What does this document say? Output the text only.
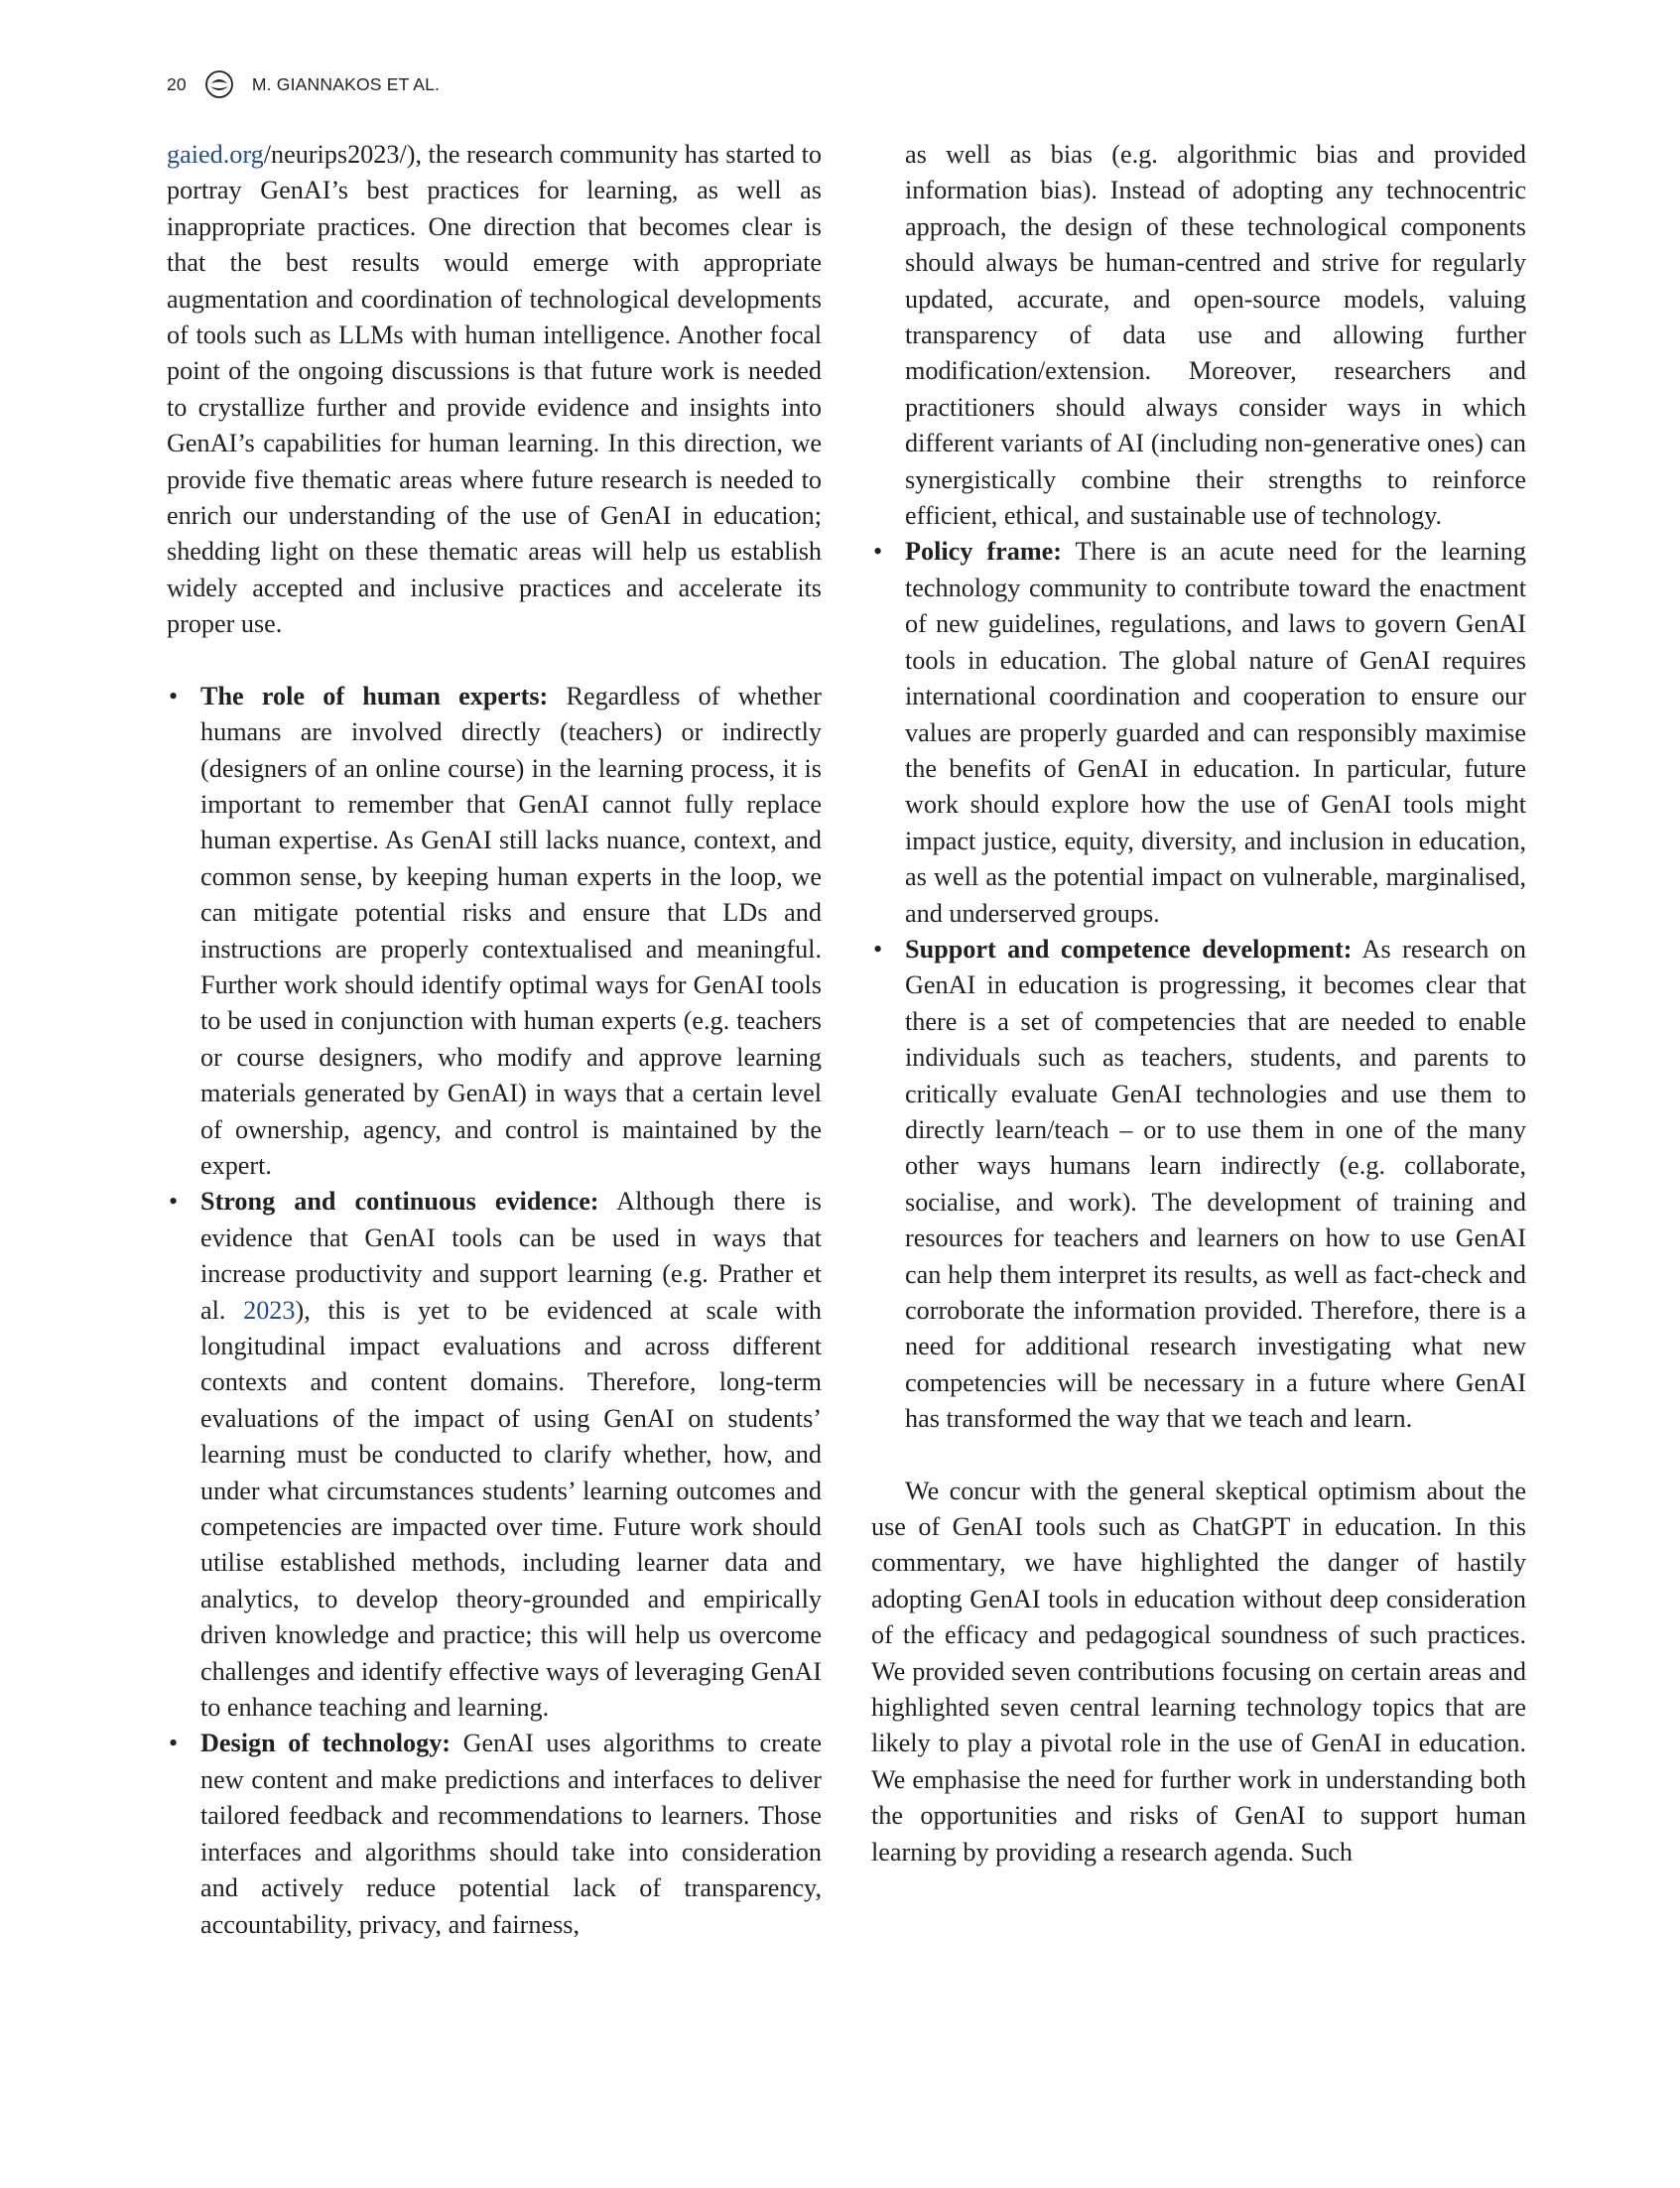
20	M. GIANNAKOS ET AL.

gaied.org/neurips2023/), the research community has started to portray GenAI’s best practices for learning, as well as inappropriate practices. One direction that becomes clear is that the best results would emerge with appropriate augmentation and coordination of technological developments of tools such as LLMs with human intelligence. Another focal point of the ongoing discussions is that future work is needed to crystallize further and provide evidence and insights into GenAI’s capabilities for human learning. In this direction, we provide five thematic areas where future research is needed to enrich our understanding of the use of GenAI in education; shedding light on these thematic areas will help us establish widely accepted and inclusive practices and accelerate its proper use.

• The role of human experts: Regardless of whether humans are involved directly (teachers) or indirectly (designers of an online course) in the learning process, it is important to remember that GenAI cannot fully replace human expertise. As GenAI still lacks nuance, context, and common sense, by keeping human experts in the loop, we can mitigate potential risks and ensure that LDs and instructions are properly contextualised and meaningful. Further work should identify optimal ways for GenAI tools to be used in conjunction with human experts (e.g. teachers or course designers, who modify and approve learning materials generated by GenAI) in ways that a certain level of ownership, agency, and control is maintained by the expert.
• Strong and continuous evidence: Although there is evidence that GenAI tools can be used in ways that increase productivity and support learning (e.g. Prather et al. 2023), this is yet to be evidenced at scale with longitudinal impact evaluations and across different contexts and content domains. Therefore, long-term evaluations of the impact of using GenAI on students’ learning must be conducted to clarify whether, how, and under what circumstances students’ learning outcomes and competencies are impacted over time. Future work should utilise established methods, including learner data and analytics, to develop theory-grounded and empirically driven knowledge and practice; this will help us overcome challenges and identify effective ways of leveraging GenAI to enhance teaching and learning.
• Design of technology: GenAI uses algorithms to create new content and make predictions and interfaces to deliver tailored feedback and recommendations to learners. Those interfaces and algorithms should take into consideration and actively reduce potential lack of transparency, accountability, privacy, and fairness,

as well as bias (e.g. algorithmic bias and provided information bias). Instead of adopting any technocentric approach, the design of these technological components should always be human-centred and strive for regularly updated, accurate, and open-source models, valuing transparency of data use and allowing further modification/extension. Moreover, researchers and practitioners should always consider ways in which different variants of AI (including non-generative ones) can synergistically combine their strengths to reinforce efficient, ethical, and sustainable use of technology.

• Policy frame: There is an acute need for the learning technology community to contribute toward the enactment of new guidelines, regulations, and laws to govern GenAI tools in education. The global nature of GenAI requires international coordination and cooperation to ensure our values are properly guarded and can responsibly maximise the benefits of GenAI in education. In particular, future work should explore how the use of GenAI tools might impact justice, equity, diversity, and inclusion in education, as well as the potential impact on vulnerable, marginalised, and underserved groups.
• Support and competence development: As research on GenAI in education is progressing, it becomes clear that there is a set of competencies that are needed to enable individuals such as teachers, students, and parents to critically evaluate GenAI technologies and use them to directly learn/teach – or to use them in one of the many other ways humans learn indirectly (e.g. collaborate, socialise, and work). The development of training and resources for teachers and learners on how to use GenAI can help them interpret its results, as well as fact-check and corroborate the information provided. Therefore, there is a need for additional research investigating what new competencies will be necessary in a future where GenAI has transformed the way that we teach and learn.

We concur with the general skeptical optimism about the use of GenAI tools such as ChatGPT in education. In this commentary, we have highlighted the danger of hastily adopting GenAI tools in education without deep consideration of the efficacy and pedagogical soundness of such practices. We provided seven contributions focusing on certain areas and highlighted seven central learning technology topics that are likely to play a pivotal role in the use of GenAI in education. We emphasise the need for further work in understanding both the opportunities and risks of GenAI to support human learning by providing a research agenda. Such
